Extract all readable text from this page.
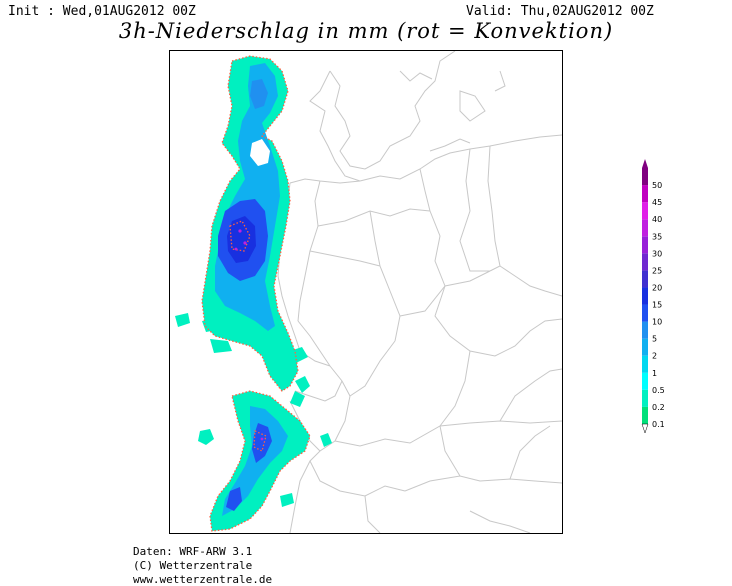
Init : Wed,01AUG2012 00Z	Valid: Thu,02AUG2012 00Z
3h-Niederschlag in mm (rot = Konvektion)
0.1
0.2
0.5
1
2
5
10
15
20
25
30
35
40
45
50
Daten: WRF-ARW 3.1
(C) Wetterzentrale
www.wetterzentrale.de
